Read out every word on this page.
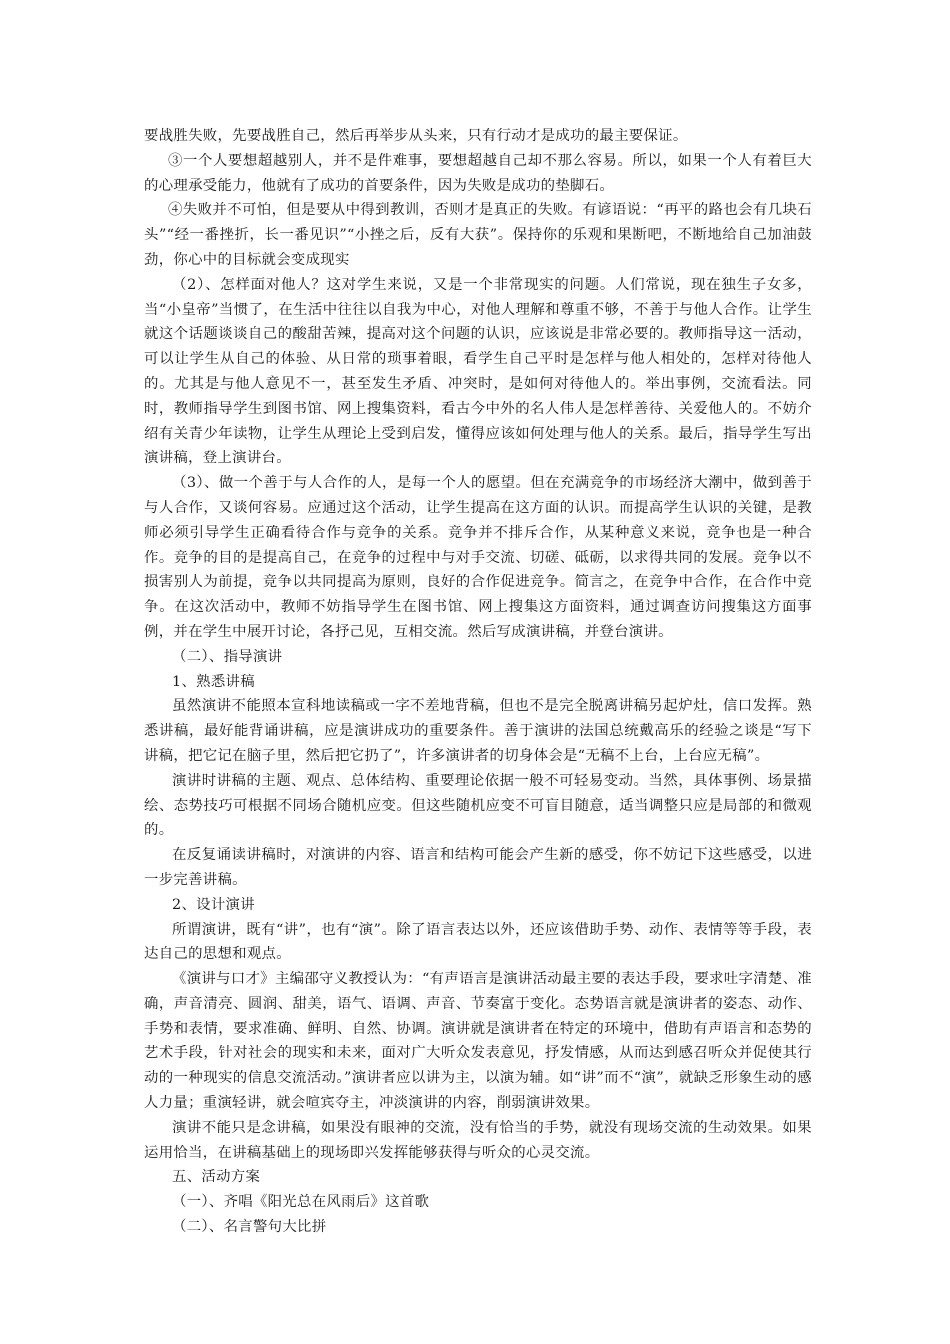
要战胜失败，先要战胜自己，然后再举步从头来，只有行动才是成功的最主要保证。

③一个人要想超越别人，并不是件难事，要想超越自己却不那么容易。所以，如果一个人有着巨大的心理承受能力，他就有了成功的首要条件，因为失败是成功的垫脚石。

④失败并不可怕，但是要从中得到教训，否则才是真正的失败。有谚语说：“再平的路也会有几块石头”“经一番挫折，长一番见识”“小挫之后，反有大获”。保持你的乐观和果断吧，不断地给自己加油鼓劲，你心中的目标就会变成现实

（2）、怎样面对他人？这对学生来说，又是一个非常现实的问题。人们常说，现在独生子女多，当“小皇帝”当惯了，在生活中往往以自我为中心，对他人理解和尊重不够，不善于与他人合作。让学生就这个话题谈谈自己的酸甜苦辣，提高对这个问题的认识，应该说是非常必要的。教师指导这一活动，可以让学生从自己的体验、从日常的琐事着眼，看学生自己平时是怎样与他人相处的，怎样对待他人的。尤其是与他人意见不一，甚至发生矛盾、冲突时，是如何对待他人的。举出事例，交流看法。同时，教师指导学生到图书馆、网上搜集资料，看古今中外的名人伟人是怎样善待、关爱他人的。不妨介绍有关青少年读物，让学生从理论上受到启发，懂得应该如何处理与他人的关系。最后，指导学生写出演讲稿，登上演讲台。

（3）、做一个善于与人合作的人，是每一个人的愿望。但在充满竞争的市场经济大潮中，做到善于与人合作，又谈何容易。应通过这个活动，让学生提高在这方面的认识。而提高学生认识的关键，是教师必须引导学生正确看待合作与竞争的关系。竞争并不排斥合作，从某种意义来说，竞争也是一种合作。竞争的目的是提高自己，在竞争的过程中与对手交流、切磋、砥砺，以求得共同的发展。竞争以不损害别人为前提，竞争以共同提高为原则，良好的合作促进竞争。简言之，在竞争中合作，在合作中竞争。在这次活动中，教师不妨指导学生在图书馆、网上搜集这方面资料，通过调查访问搜集这方面事例，并在学生中展开讨论，各抒己见，互相交流。然后写成演讲稿，并登台演讲。

（二）、指导演讲

1、熟悉讲稿

虽然演讲不能照本宣科地读稿或一字不差地背稿，但也不是完全脱离讲稿另起炉灶，信口发挥。熟悉讲稿，最好能背诵讲稿，应是演讲成功的重要条件。善于演讲的法国总统戴高乐的经验之谈是“写下讲稿，把它记在脑子里，然后把它扔了”，许多演讲者的切身体会是“无稿不上台，上台应无稿”。

演讲时讲稿的主题、观点、总体结构、重要理论依据一般不可轻易变动。当然，具体事例、场景描绘、态势技巧可根据不同场合随机应变。但这些随机应变不可盲目随意，适当调整只应是局部的和微观的。

在反复诵读讲稿时，对演讲的内容、语言和结构可能会产生新的感受，你不妨记下这些感受，以进一步完善讲稿。

2、设计演讲

所谓演讲，既有“讲”，也有“演”。除了语言表达以外，还应该借助手势、动作、表情等等手段，表达自己的思想和观点。

《演讲与口才》主编邵守义教授认为：“有声语言是演讲活动最主要的表达手段，要求吐字清楚、准确，声音清亮、圆润、甜美，语气、语调、声音、节奏富于变化。态势语言就是演讲者的姿态、动作、手势和表情，要求准确、鲜明、自然、协调。演讲就是演讲者在特定的环境中，借助有声语言和态势的艺术手段，针对社会的现实和未来，面对广大听众发表意见，抒发情感，从而达到感召听众并促使其行动的一种现实的信息交流活动。”演讲者应以讲为主，以演为辅。如“讲”而不“演”，就缺乏形象生动的感人力量；重演轻讲，就会喧宾夺主，冲淡演讲的内容，削弱演讲效果。

演讲不能只是念讲稿，如果没有眼神的交流，没有恰当的手势，就没有现场交流的生动效果。如果运用恰当，在讲稿基础上的现场即兴发挥能够获得与听众的心灵交流。

五、活动方案

（一）、齐唱《阳光总在风雨后》这首歌

（二）、名言警句大比拼
